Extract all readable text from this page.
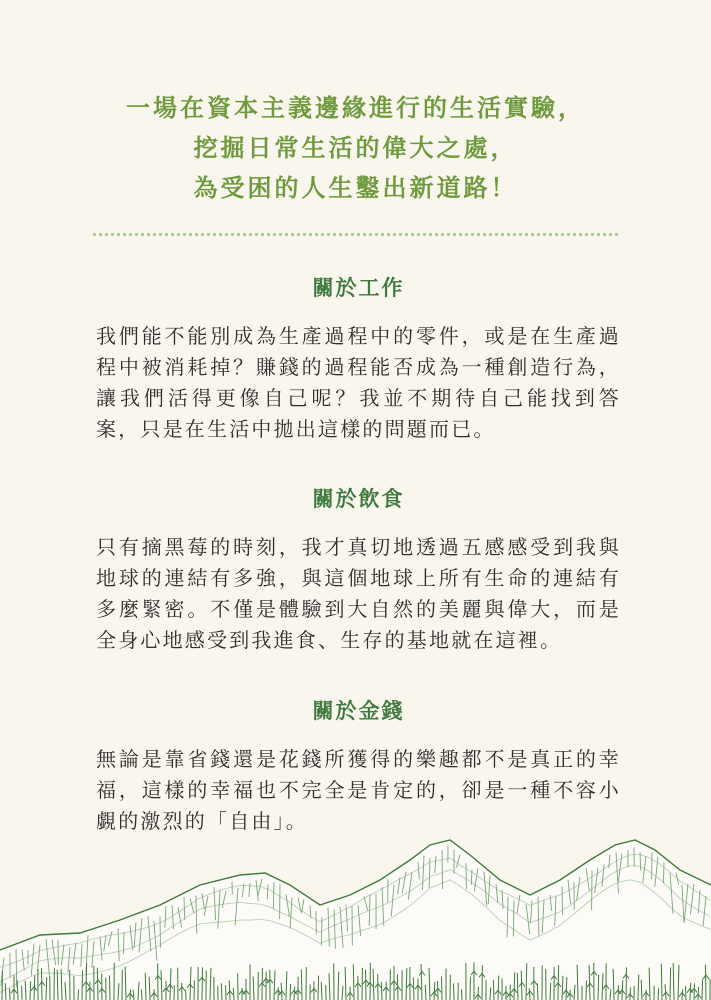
一場在資本主義邊緣進行的生活實驗，
挖掘日常生活的偉大之處，
為受困的人生鑿出新道路！
關於工作

我們能不能別成為生產過程中的零件，或是在生產過程中被消耗掉？賺錢的過程能否成為一種創造行為，讓我們活得更像自己呢？我並不期待自己能找到答案，只是在生活中拋出這樣的問題而已。

關於飲食

只有摘黑莓的時刻，我才真切地透過五感感受到我與地球的連結有多強，與這個地球上所有生命的連結有多麼緊密。不僅是體驗到大自然的美麗與偉大，而是全身心地感受到我進食、生存的基地就在這裡。

關於金錢

無論是靠省錢還是花錢所獲得的樂趣都不是真正的幸福，這樣的幸福也不完全是肯定的，卻是一種不容小覷的激烈的「自由」。
